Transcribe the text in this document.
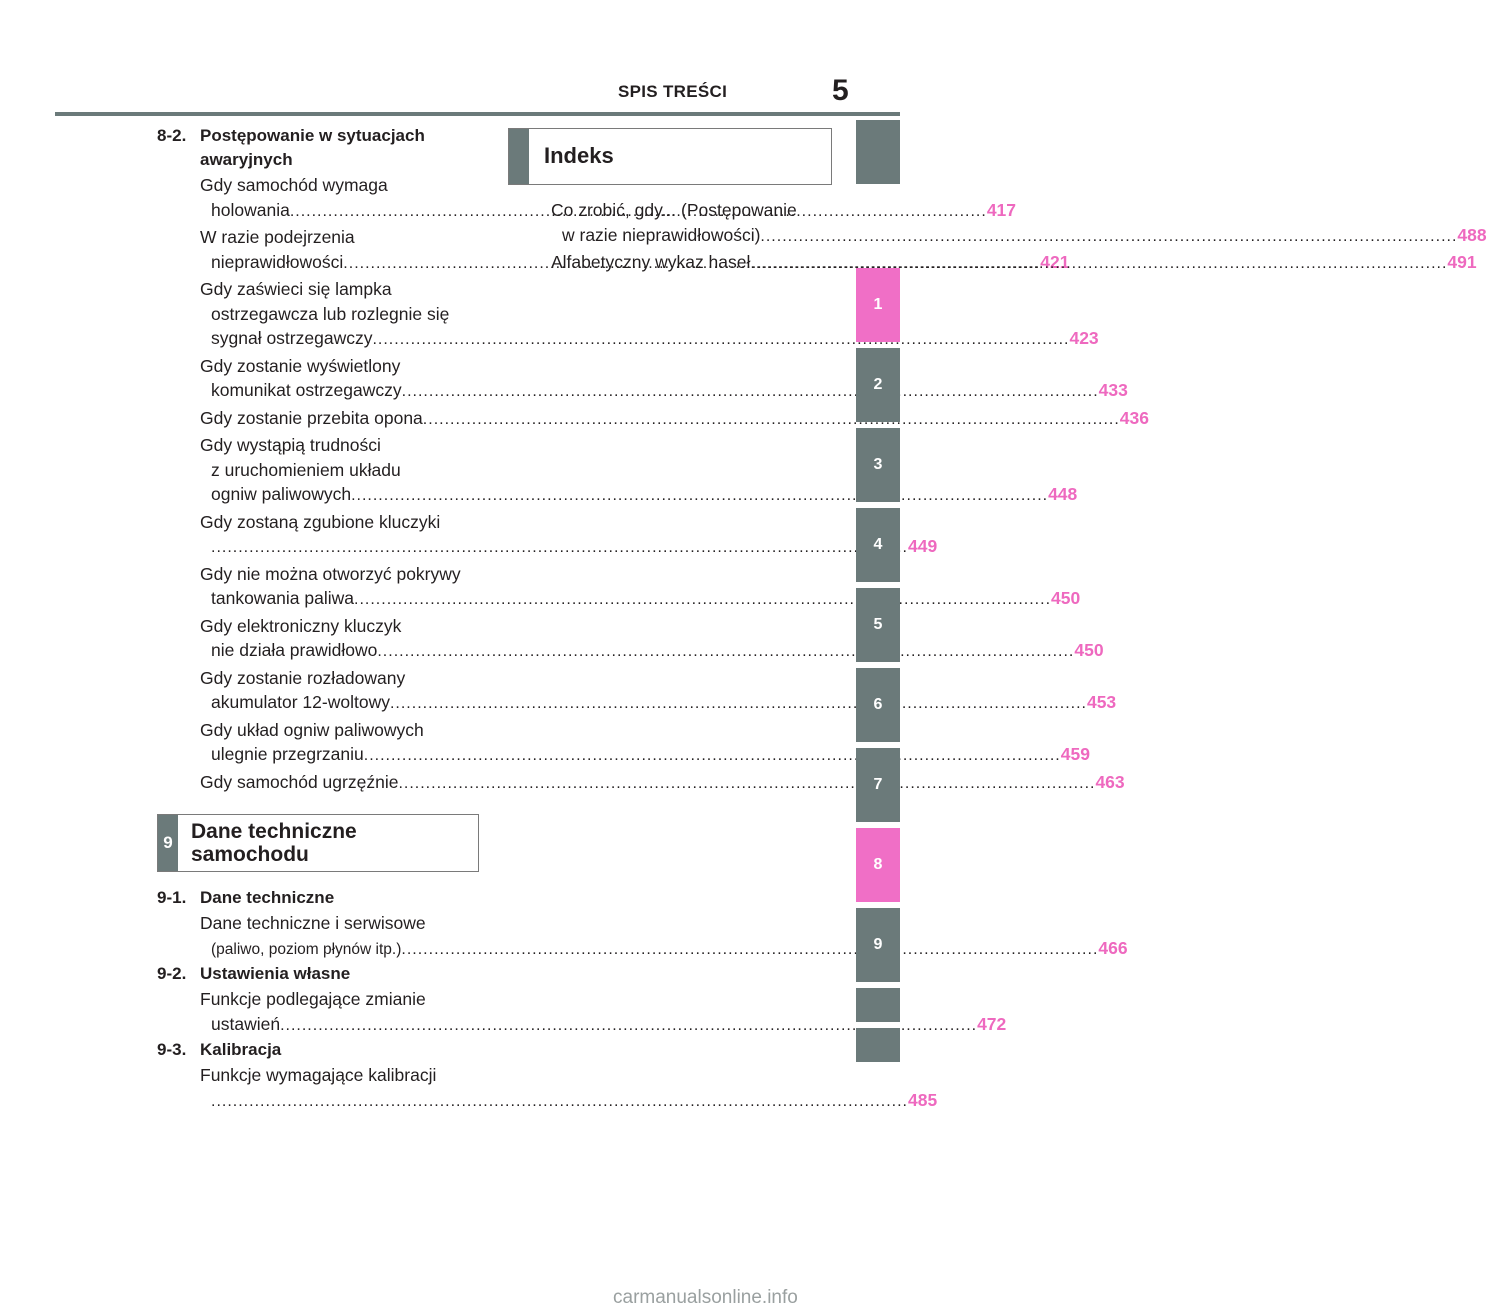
SPIS TREŚCI	5
8-2. Postępowanie w sytuacjach awaryjnych
Gdy samochód wymaga
holowania .....	417
W razie podejrzenia
nieprawidłowości .....	421
Gdy zaświeci się lampka
ostrzegawcza lub rozlegnie się
sygnał ostrzegawczy .....	423
Gdy zostanie wyświetlony
komunikat ostrzegawczy .....	433
Gdy zostanie przebita opona .....	436
Gdy wystąpią trudności
z uruchomieniem układu
ogniw paliwowych .....	448
Gdy zostaną zgubione kluczyki
.....449
Gdy nie można otworzyć pokrywy
tankowania paliwa .....	450
Gdy elektroniczny kluczyk
nie działa prawidłowo .....	450
Gdy zostanie rozładowany
akumulator 12-woltowy .....	453
Gdy układ ogniw paliwowych
ulegnie przegrzaniu .....	459
Gdy samochód ugrzęźnie .....	463
9 Dane techniczne
samochodu
9-1. Dane techniczne
Dane techniczne i serwisowe
(paliwo, poziom płynów itp.) .....	466
9-2. Ustawienia własne
Funkcje podlegające zmianie
ustawień .....	472
9-3. Kalibracja
Funkcje wymagające kalibracji
.....485
Indeks
Co zrobić, gdy... (Postępowanie
w razie nieprawidłowości) .....	488
Alfabetyczny wykaz haseł .....	491
1
2
3
4
5
6
7
8
9
carmanualsonline.info
